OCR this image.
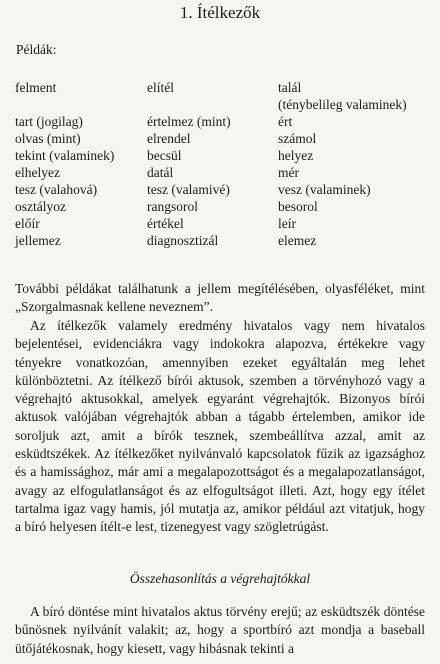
1. Ítélkezők
Példák:
felment
tart (jogilag)
olvas (mint)
tekint (valaminek)
elhelyez
tesz (valahová)
osztályoz
előír
jellemez
elítél
értelmez (mint)
elrendel
becsül
datál
tesz (valamivé)
rangsorol
értékel
diagnosztizál
talál
(ténybelileg valaminek)
ért
számol
helyez
mér
vesz (valaminek)
besorol
leír
elemez

További példákat találhatunk a jellem megítélésében, olyasféléket, mint „Szorgalmasnak kellene neveznem”.

Az ítélkezők valamely eredmény hivatalos vagy nem hivatalos bejelentései, evidenciákra vagy indokokra alapozva, értékekre vagy tényekre vonatkozóan, amennyiben ezeket egyáltalán meg lehet különböztetni. Az ítélkező bírói aktusok, szemben a törvényhozó vagy a végrehajtó aktusokkal, amelyek egyaránt végrehajtók. Bizonyos bírói aktusok valójában végrehajtók abban a tágabb értelemben, amikor ide soroljuk azt, amit a bírók tesznek, szembeállítva azzal, amit az esküdtszékek. Az ítélkezőket nyilvánvaló kapcsolatok fűzik az igazsághoz és a hamissághoz, már ami a megalapozottságot és a megalapozatlanságot, avagy az elfogulatlanságot és az elfogultságot illeti. Azt, hogy egy ítélet tartalma igaz vagy hamis, jól mutatja az, amikor például azt vitatjuk, hogy a bíró helyesen ítélt-e lest, tizenegyest vagy szögletrúgást.

Összehasonlítás a végrehajtókkal

A bíró döntése mint hivatalos aktus törvény erejű; az esküdtszék döntése bűnösnek nyilvánít valakit; az, hogy a sportbíró azt mondja a baseball ütőjátékosnak, hogy kiesett, vagy hibásnak tekinti a
